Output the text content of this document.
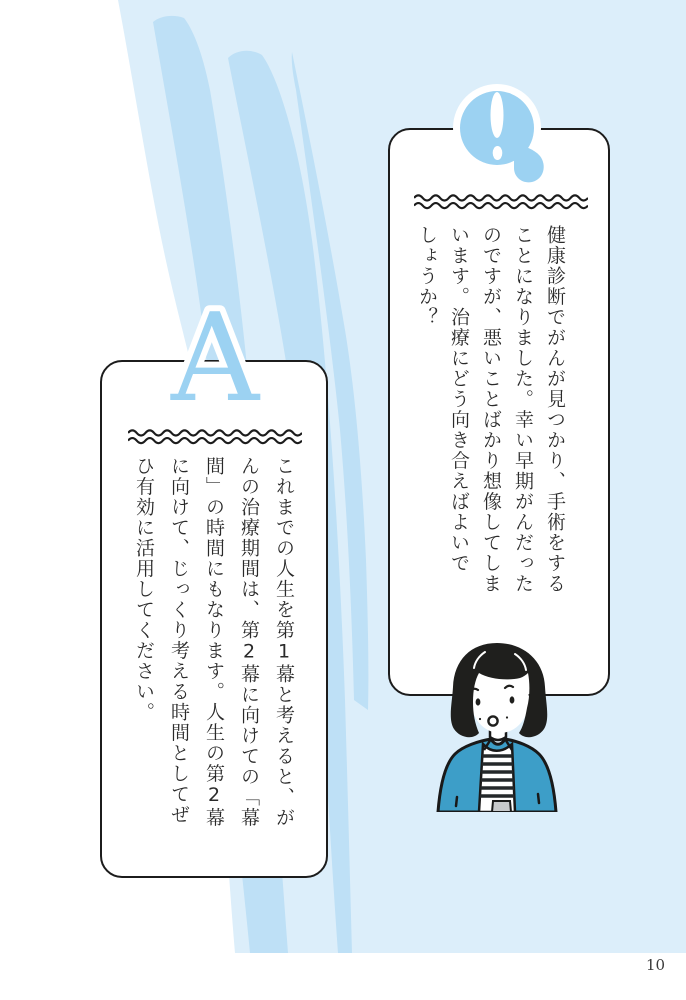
健康診断でがんが見つかり、手術をする
ことになりました。幸い早期がんだった
のですが、悪いことばかり想像してしま
います。治療にどう向き合えばよいで
しょうか？
これまでの人生を第1幕と考えると、が
んの治療期間は、第2幕に向けての「幕
間」の時間にもなります。人生の第2幕
に向けて、じっくり考える時間としてぜ
ひ有効に活用してください。
A
10
